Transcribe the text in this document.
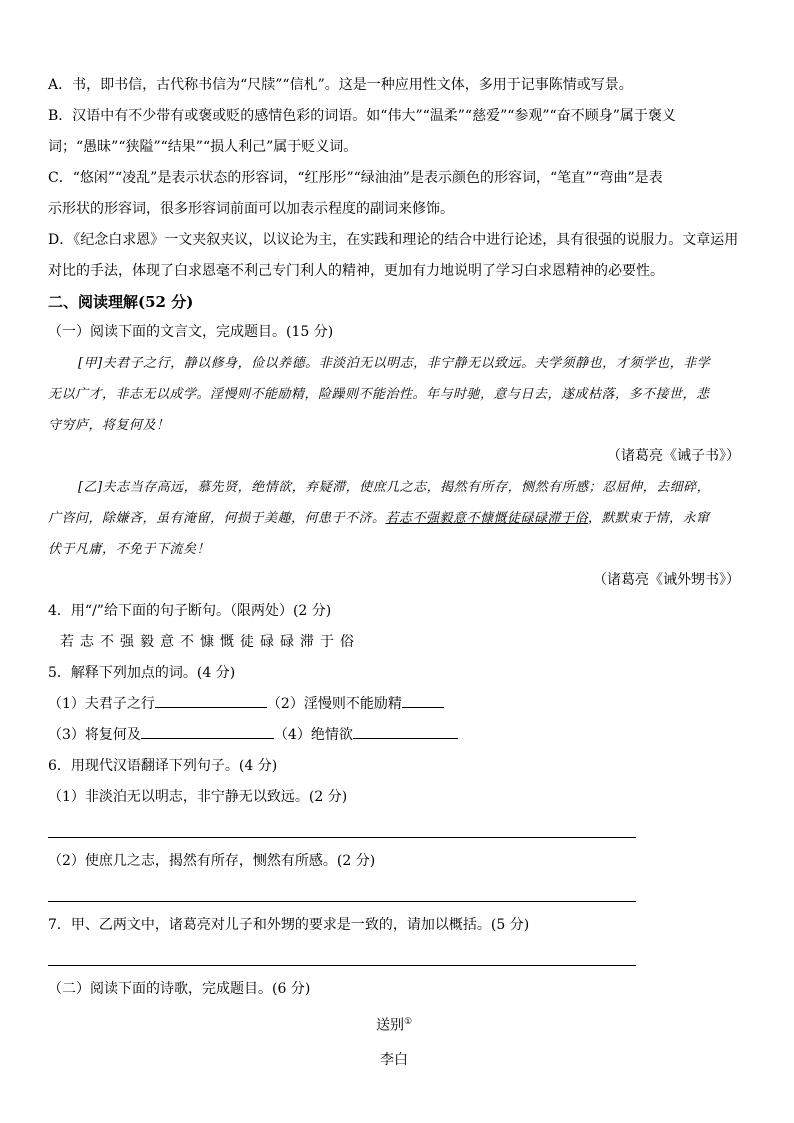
A．书，即书信，古代称书信为“尺牍”“信札”。这是一种应用性文体，多用于记事陈情或写景。
B．汉语中有不少带有或褒或贬的感情色彩的词语。如“伟大”“温柔”“慈爱”“参观”“奋不顾身”属于褒义
词；“愚昧”“狭隘”“结果”“损人利己”属于贬义词。
C．“悠闲”“凌乱”是表示状态的形容词，“红彤彤”“绿油油”是表示颜色的形容词，“笔直”“弯曲”是表
示形状的形容词，很多形容词前面可以加表示程度的副词来修饰。
D．《纪念白求恩》一文夹叙夹议，以议论为主，在实践和理论的结合中进行论述，具有很强的说服力。文章运用
对比的手法，体现了白求恩毫不利己专门利人的精神，更加有力地说明了学习白求恩精神的必要性。
二、阅读理解(52 分)
（一）阅读下面的文言文，完成题目。(15 分)
[甲]夫君子之行，静以修身，俭以养德。非淡泊无以明志，非宁静无以致远。夫学须静也，才须学也，非学
无以广才，非志无以成学。淫慢则不能励精，险躁则不能治性。年与时驰，意与日去，遂成枯落，多不接世，悲
守穷庐，将复何及！
（诸葛亮《诫子书》）
[乙]夫志当存高远，慕先贤，绝情欲，弃疑滞，使庶几之志，揭然有所存，恻然有所感；忍屈伸，去细碎，
广咨问，除嫌吝，虽有淹留，何损于美趣，何患于不济。若志不强毅意不慷慨徒碌碌滞于俗，默默束于情，永窜
伏于凡庸，不免于下流矣！
（诸葛亮《诫外甥书》）
4．用“/”给下面的句子断句。（限两处）(2 分)
若志不强毅意不慷慨徒碌碌滞于俗
5．解释下列加点的词。(4 分)
（1）夫君子之行	（2）淫慢则不能励精
（3）将复何及	（4）绝情欲
6．用现代汉语翻译下列句子。(4 分)
（1）非淡泊无以明志，非宁静无以致远。(2 分)
（2）使庶几之志，揭然有所存，恻然有所感。(2 分)
7．甲、乙两文中，诸葛亮对儿子和外甥的要求是一致的，请加以概括。(5 分)
（二）阅读下面的诗歌，完成题目。(6 分)
送别①
李白
